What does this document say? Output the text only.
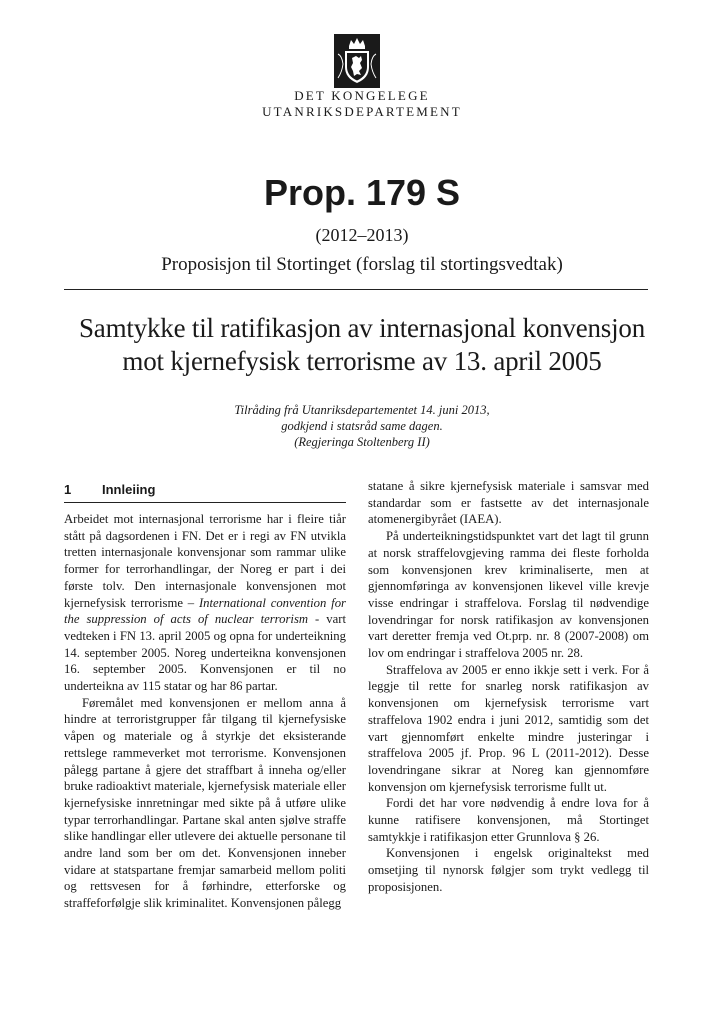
DET KONGELEGE
UTANRIKSDEPARTEMENT
Prop. 179 S
(2012–2013)
Proposisjon til Stortinget (forslag til stortingsvedtak)
Samtykke til ratifikasjon av internasjonal konvensjon
mot kjernefysisk terrorisme av 13. april 2005
Tilråding frå Utanriksdepartementet 14. juni 2013,
godkjend i statsråd same dagen.
(Regjeringa Stoltenberg II)
1 Innleiing

Arbeidet mot internasjonal terrorisme har i fleire tiår stått på dagsordenen i FN. Det er i regi av FN utvikla tretten internasjonale konvensjonar som rammar ulike former for terrorhandlingar, der Noreg er part i dei første tolv. Den internasjonale konvensjonen mot kjernefysisk terrorisme – International convention for the suppression of acts of nuclear terrorism - vart vedteken i FN 13. april 2005 og opna for underteikning 14. september 2005. Noreg underteikna konvensjonen 16. september 2005. Konvensjonen er til no underteikna av 115 statar og har 86 partar.

Føremålet med konvensjonen er mellom anna å hindre at terroristgrupper får tilgang til kjernefysiske våpen og materiale og å styrkje det eksisterande rettslege rammeverket mot terrorisme. Konvensjonen pålegg partane å gjere det straffbart å inneha og/eller bruke radioaktivt materiale, kjernefysisk materiale eller kjernefysiske innretningar med sikte på å utføre ulike typar terrorhandlingar. Partane skal anten sjølve straffe slike handlingar eller utlevere dei aktuelle personane til andre land som ber om det. Konvensjonen inneber vidare at statspartane fremjar samarbeid mellom politi og rettsvesen for å førhindre, etterforske og straffeforfølgje slik kriminalitet. Konvensjonen pålegg

statane å sikre kjernefysisk materiale i samsvar med standardar som er fastsette av det internasjonale atomenergibyrået (IAEA).

På underteikningstidspunktet vart det lagt til grunn at norsk straffelovgjeving ramma dei fleste forholda som konvensjonen krev kriminaliserte, men at gjennomføringa av konvensjonen likevel ville krevje visse endringar i straffelova. Forslag til nødvendige lovendringar for norsk ratifikasjon av konvensjonen vart deretter fremja ved Ot.prp. nr. 8 (2007-2008) om lov om endringar i straffelova 2005 nr. 28.

Straffelova av 2005 er enno ikkje sett i verk. For å leggje til rette for snarleg norsk ratifikasjon av konvensjonen om kjernefysisk terrorisme vart straffelova 1902 endra i juni 2012, samtidig som det vart gjennomført enkelte mindre justeringar i straffelova 2005 jf. Prop. 96 L (2011-2012). Desse lovendringane sikrar at Noreg kan gjennomføre konvensjon om kjernefysisk terrorisme fullt ut.

Fordi det har vore nødvendig å endre lova for å kunne ratifisere konvensjonen, må Stortinget samtykkje i ratifikasjon etter Grunnlova § 26.

Konvensjonen i engelsk originaltekst med omsetjing til nynorsk følgjer som trykt vedlegg til proposisjonen.
